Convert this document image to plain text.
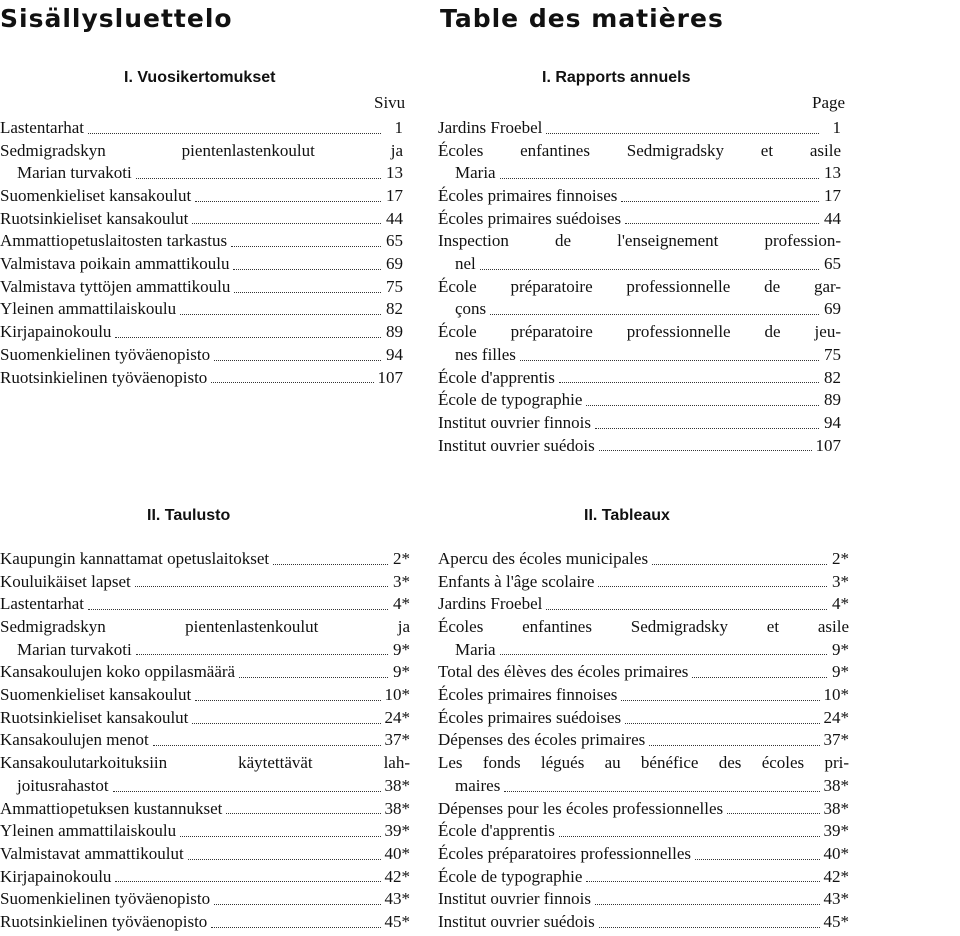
Sisällysluettelo	Table des matières
I. Vuosikertomukset	I. Rapports annuels
Sivu	Page
Lastentarhat	1
Sedmigradskyn pientenlastenkoulut ja
Marian turvakoti	13
Suomenkieliset kansakoulut	17
Ruotsinkieliset kansakoulut	44
Ammattiopetuslaitosten tarkastus	65
Valmistava poikain ammattikoulu	69
Valmistava tyttöjen ammattikoulu	75
Yleinen ammattilaiskoulu	82
Kirjapainokoulu	89
Suomenkielinen työväenopisto	94
Ruotsinkielinen työväenopisto	107
Jardins Froebel	1
Écoles enfantines Sedmigradsky et asile
Maria	13
Écoles primaires finnoises	17
Écoles primaires suédoises	44
Inspection de l'enseignement profession-
nel	65
École préparatoire professionnelle de gar-
çons	69
École préparatoire professionnelle de jeu-
nes filles	75
École d'apprentis	82
École de typographie	89
Institut ouvrier finnois	94
Institut ouvrier suédois	107
II. Taulusto	II. Tableaux
Kaupungin kannattamat opetuslaitokset	2*
Kouluikäiset lapset	3*
Lastentarhat	4*
Sedmigradskyn pientenlastenkoulut ja
Marian turvakoti	9*
Kansakoulujen koko oppilasmäärä	9*
Suomenkieliset kansakoulut	10*
Ruotsinkieliset kansakoulut	24*
Kansakoulujen menot	37*
Kansakoulutarkoituksiin käytettävät lah-
joitusrahastot	38*
Ammattiopetuksen kustannukset	38*
Yleinen ammattilaiskoulu	39*
Valmistavat ammattikoulut	40*
Kirjapainokoulu	42*
Suomenkielinen työväenopisto	43*
Ruotsinkielinen työväenopisto	45*
Apercu des écoles municipales	2*
Enfants à l'âge scolaire	3*
Jardins Froebel	4*
Écoles enfantines Sedmigradsky et asile
Maria	9*
Total des élèves des écoles primaires	9*
Écoles primaires finnoises	10*
Écoles primaires suédoises	24*
Dépenses des écoles primaires	37*
Les fonds légués au bénéfice des écoles pri-
maires	38*
Dépenses pour les écoles professionnelles	38*
École d'apprentis	39*
Écoles préparatoires professionnelles	40*
École de typographie	42*
Institut ouvrier finnois	43*
Institut ouvrier suédois	45*
